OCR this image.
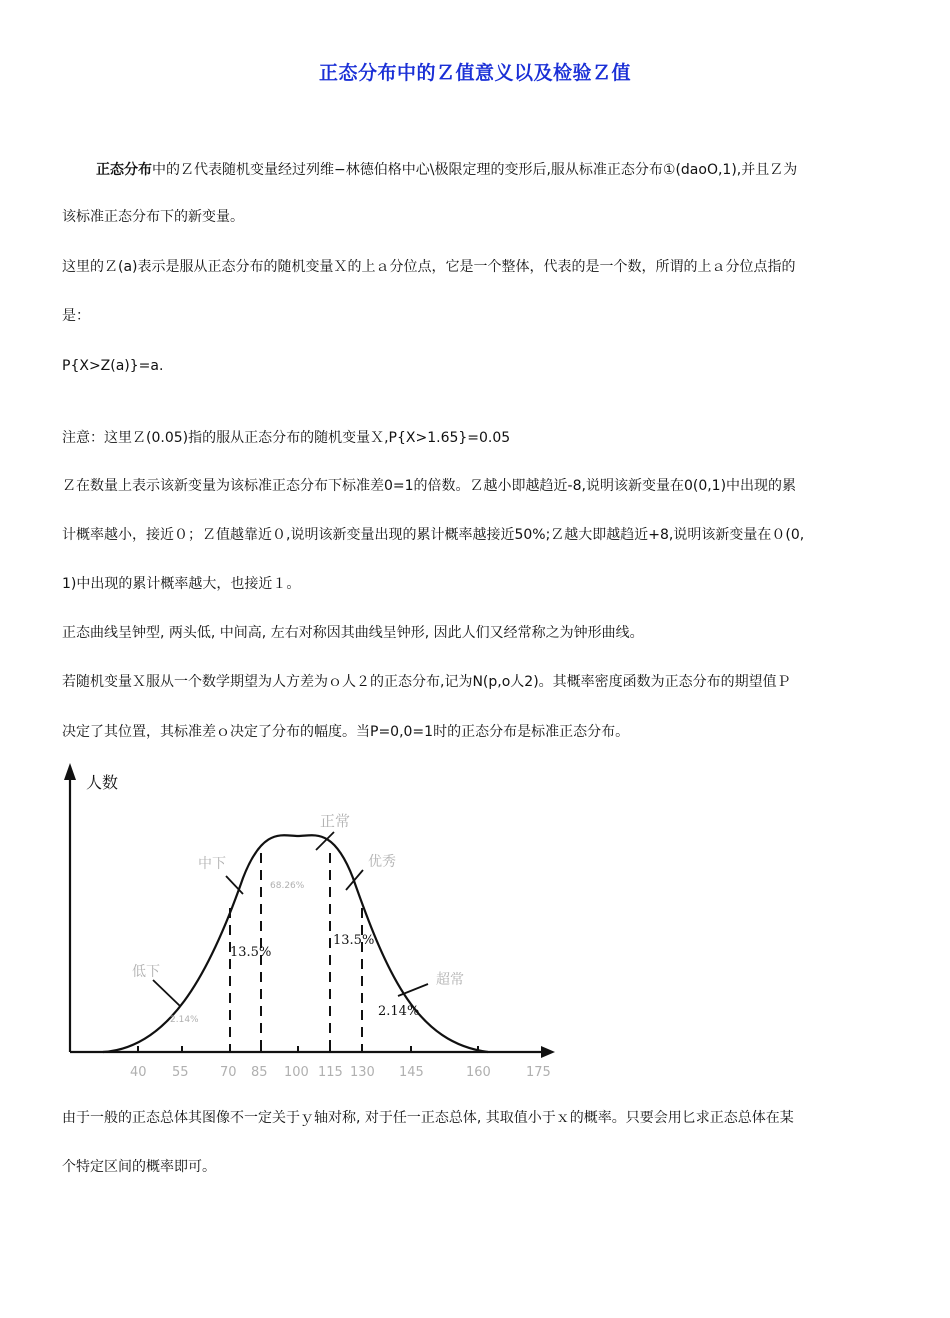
正态分布中的Ｚ值意义以及检验Ｚ值
正态分布中的Ｚ代表随机变量经过列维−林德伯格中心\极限定理的变形后,服从标准正态分布①(daoO,1),并且Ｚ为
该标准正态分布下的新变量。
这里的Ｚ(a)表示是服从正态分布的随机变量Ｘ的上ａ分位点，它是一个整体，代表的是一个数，所谓的上ａ分位点指的
是：
P{X>Z(a)}=a.
注意：这里Ｚ(0.05)指的服从正态分布的随机变量Ｘ,P{X>1.65}=0.05
Ｚ在数量上表示该新变量为该标准正态分布下标准差0=1的倍数。Ｚ越小即越趋近-8,说明该新变量在0(0,1)中出现的累
计概率越小，接近０；Ｚ值越靠近０,说明该新变量出现的累计概率越接近50%;Ｚ越大即越趋近+8,说明该新变量在０(0,
1)中出现的累计概率越大，也接近１。
正态曲线呈钟型, 两头低, 中间高, 左右对称因其曲线呈钟形, 因此人们又经常称之为钟形曲线。
若随机变量Ｘ服从一个数学期望为人方差为ｏ人２的正态分布,记为N(p,o人2)。其概率密度函数为正态分布的期望值Ｐ
决定了其位置，其标准差ｏ决定了分布的幅度。当P=0,0=1时的正态分布是标准正态分布。
人数
正常
中下	优秀
低下	超常
68.26%
2.14%
13.5%
13.5%
2.14%
40 55 70 85 100 115 130 145	160	175
由于一般的正态总体其图像不一定关于ｙ轴对称, 对于任一正态总体, 其取值小于ｘ的概率。只要会用匕求正态总体在某
个特定区间的概率即可。
